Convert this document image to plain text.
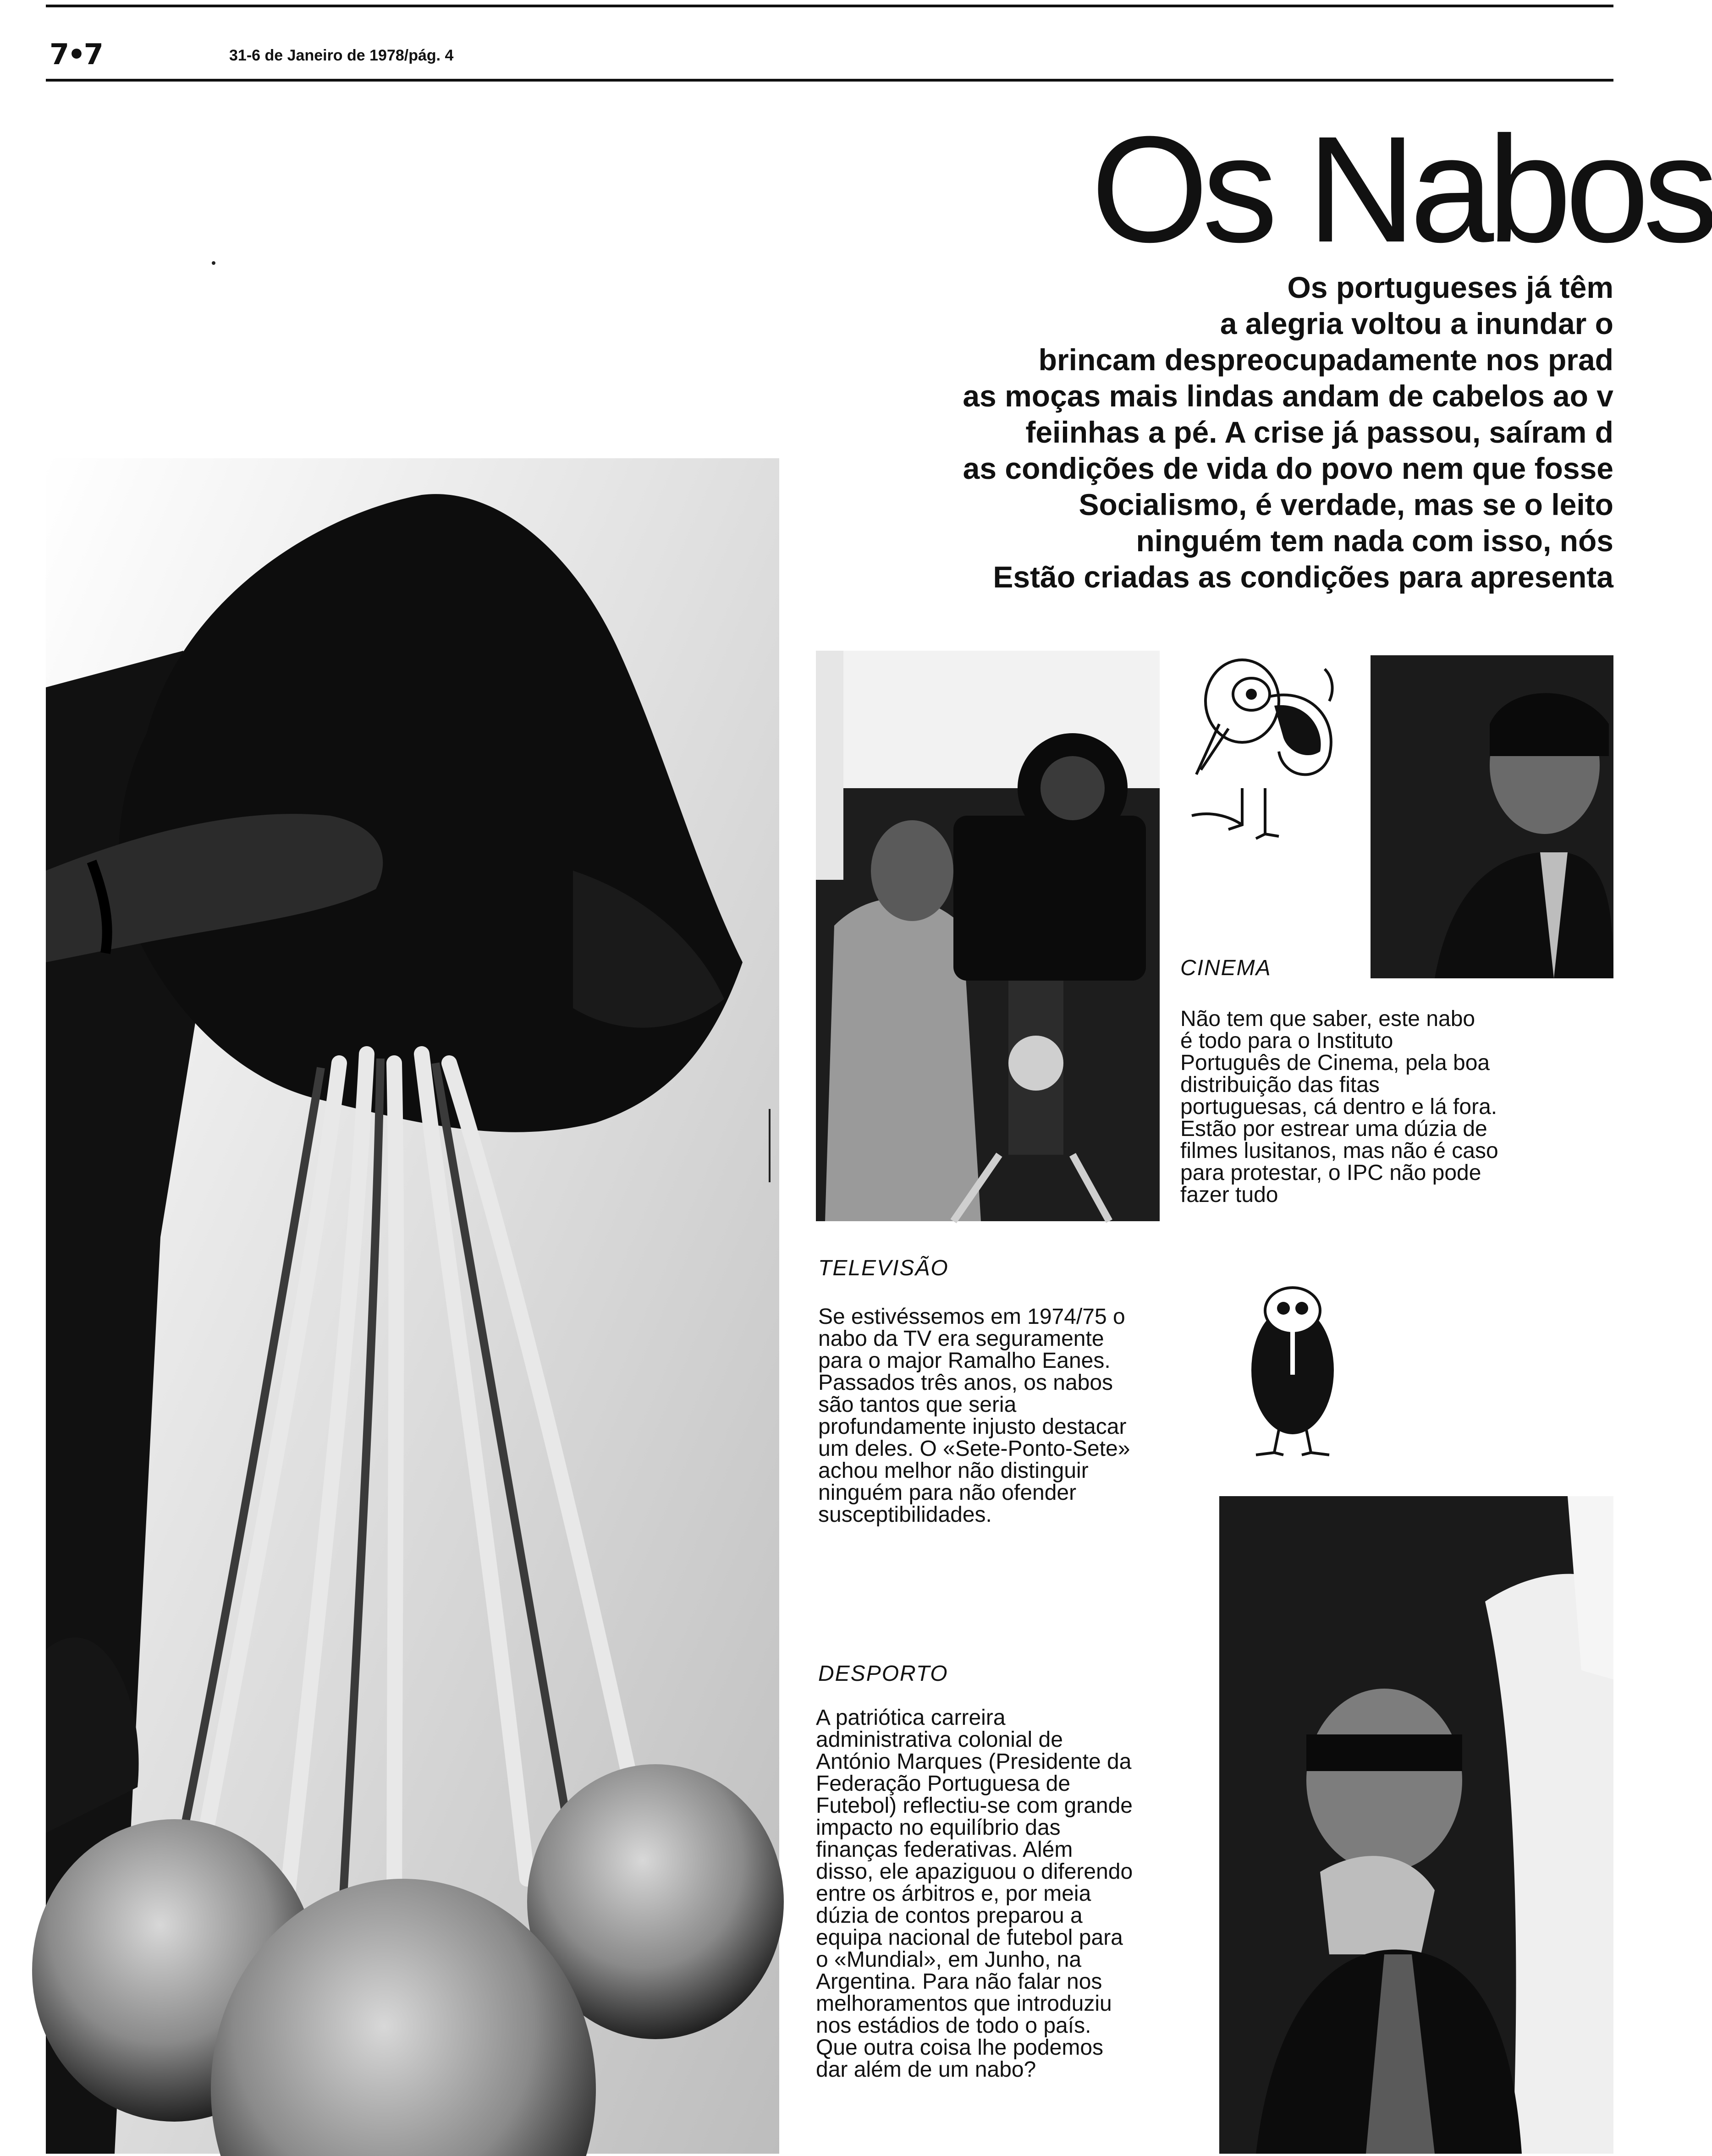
7•7	31-6 de Janeiro de 1978/pág. 4
Os Nabos
Os portugueses já têm
a alegria voltou a inundar o
brincam despreocupadamente nos prad
as moças mais lindas andam de cabelos ao v
feiinhas a pé. A crise já passou, saíram d
as condições de vida do povo nem que fosse
Socialismo, é verdade, mas se o leito
ninguém tem nada com isso, nós
Estão criadas as condições para apresenta
CINEMA
Não tem que saber, este nabo
é todo para o Instituto
Português de Cinema, pela boa
distribuição das fitas
portuguesas, cá dentro e lá fora.
Estão por estrear uma dúzia de
filmes lusitanos, mas não é caso
para protestar, o IPC não pode
fazer tudo
TELEVISÃO
Se estivéssemos em 1974/75 o
nabo da TV era seguramente
para o major Ramalho Eanes.
Passados três anos, os nabos
são tantos que seria
profundamente injusto destacar
um deles. O «Sete-Ponto-Sete»
achou melhor não distinguir
ninguém para não ofender
susceptibilidades.
DESPORTO
A patriótica carreira
administrativa colonial de
António Marques (Presidente da
Federação Portuguesa de
Futebol) reflectiu-se com grande
impacto no equilíbrio das
finanças federativas. Além
disso, ele apaziguou o diferendo
entre os árbitros e, por meia
dúzia de contos preparou a
equipa nacional de futebol para
o «Mundial», em Junho, na
Argentina. Para não falar nos
melhoramentos que introduziu
nos estádios de todo o país.
Que outra coisa lhe podemos
dar além de um nabo?
